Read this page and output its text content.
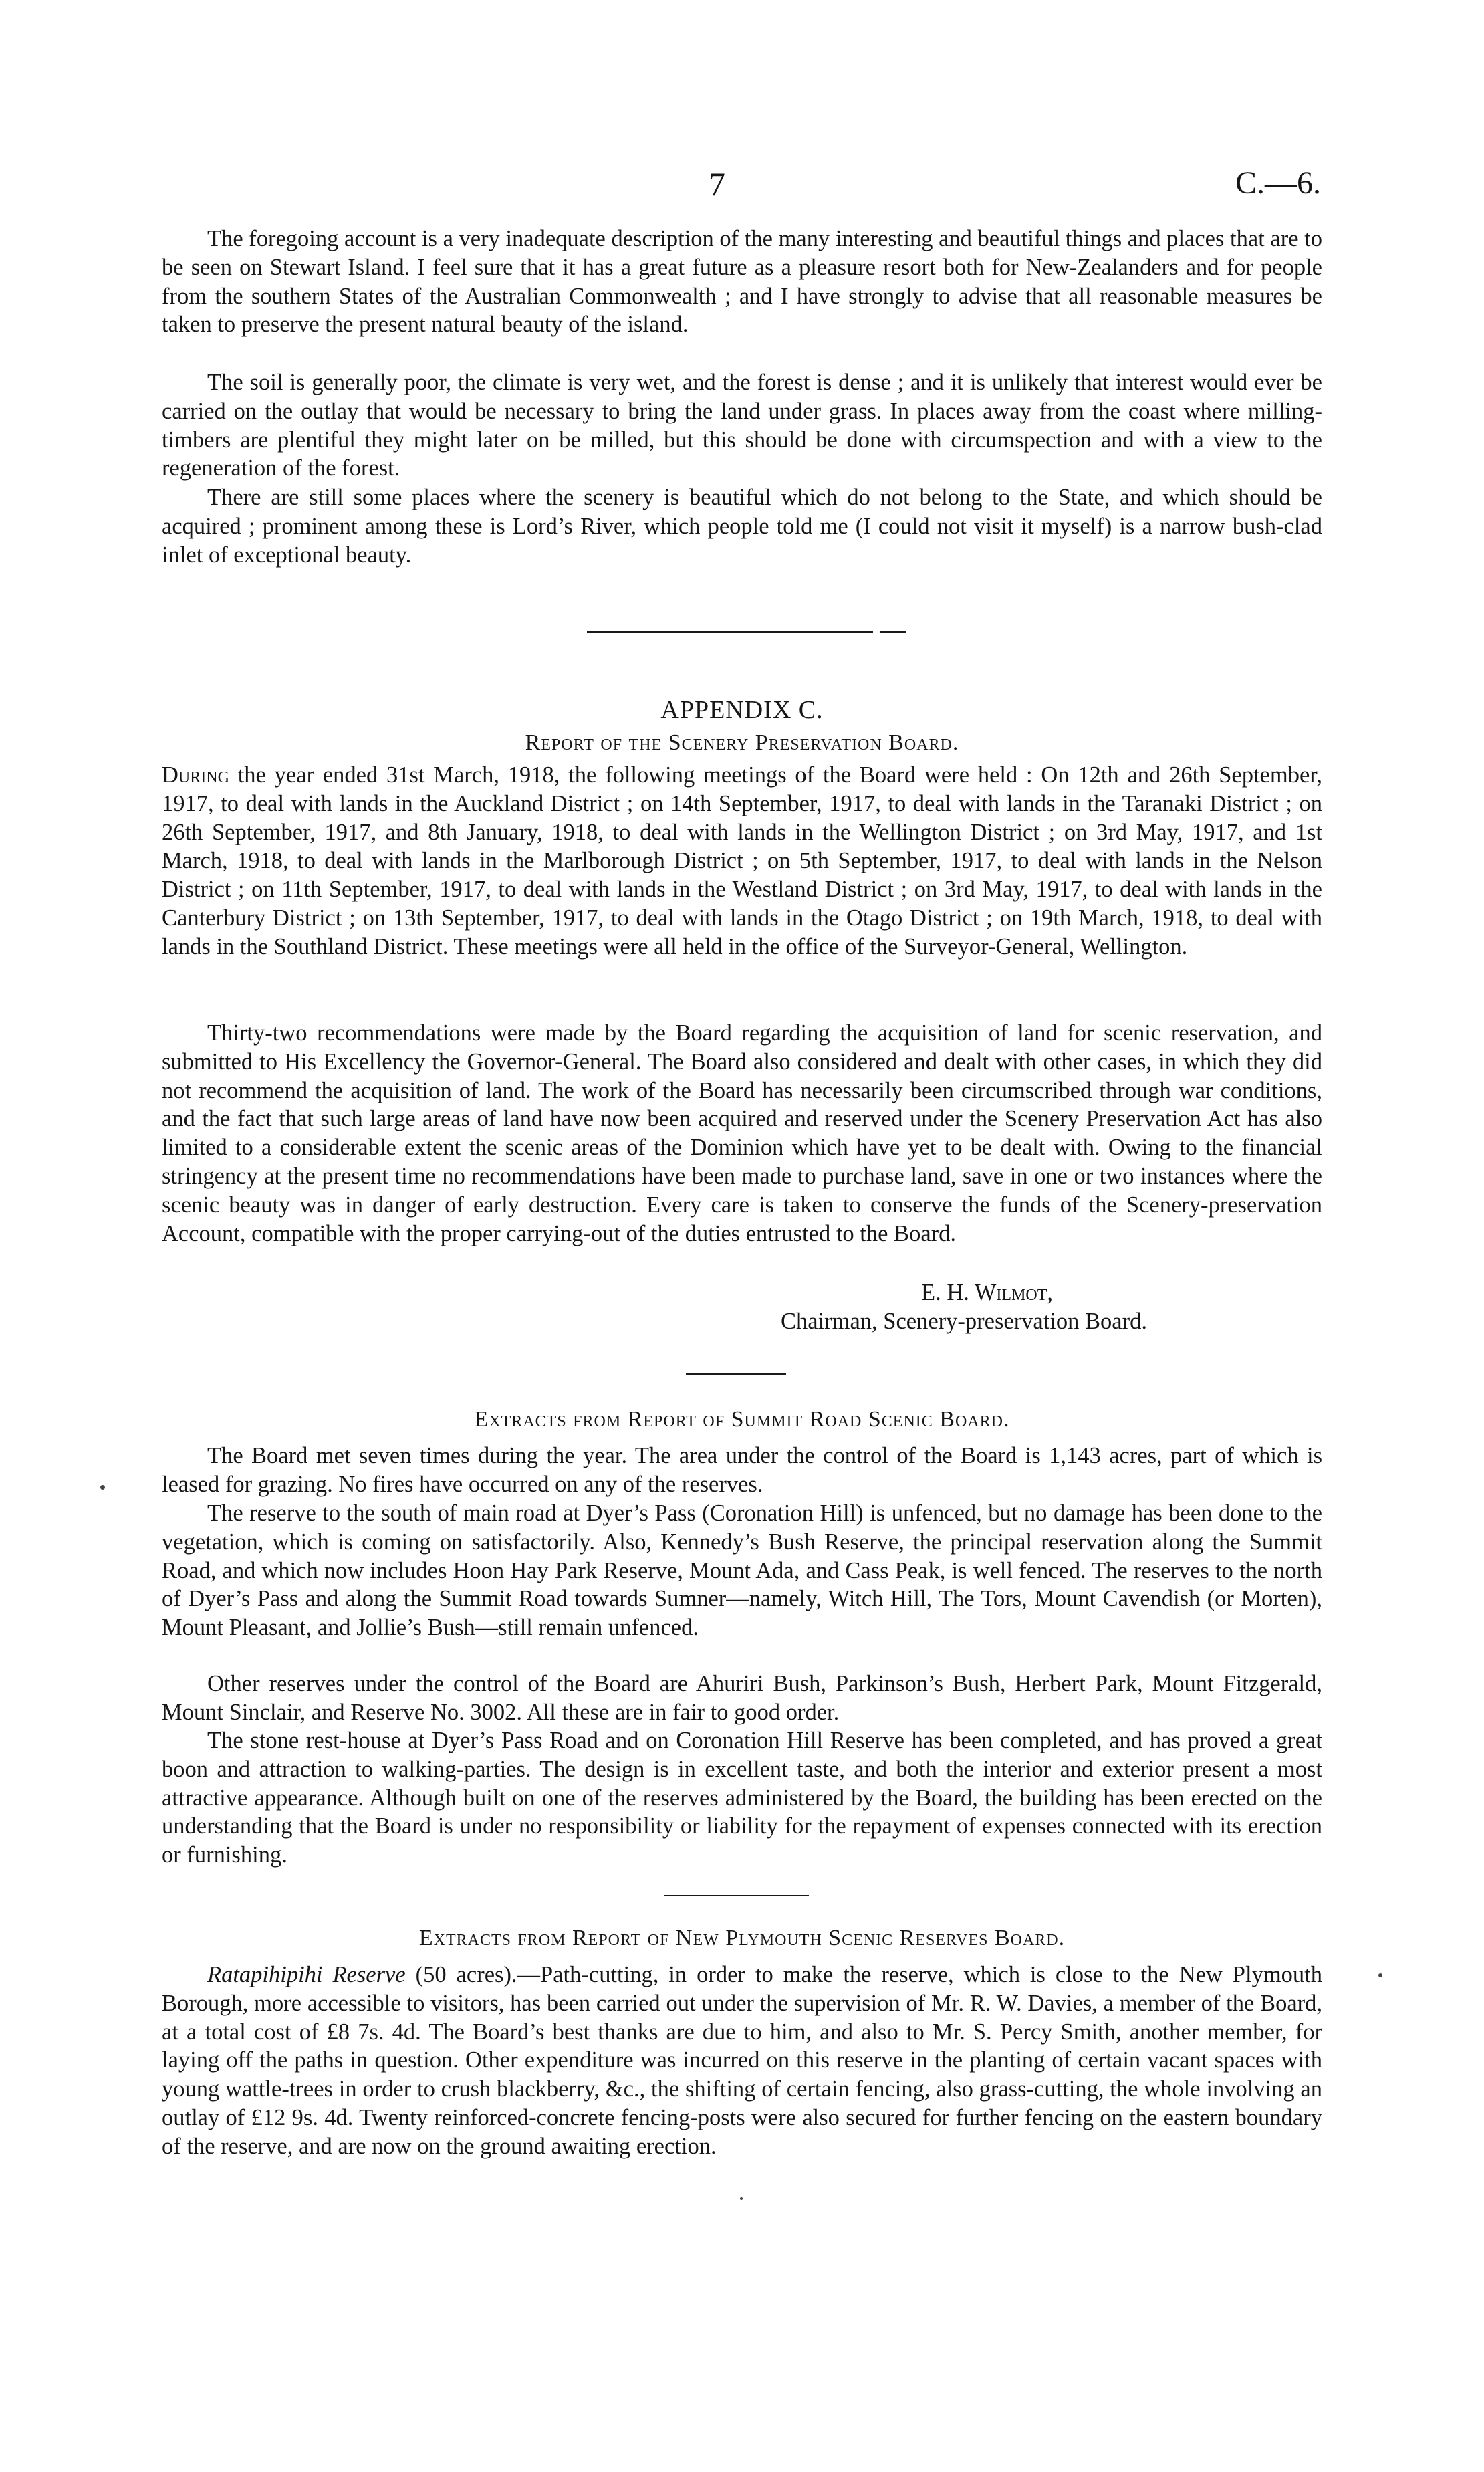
7	C.—6.

The foregoing account is a very inadequate description of the many interesting and beautiful things and places that are to be seen on Stewart Island. I feel sure that it has a great future as a pleasure resort both for New-Zealanders and for people from the southern States of the Australian Commonwealth ; and I have strongly to advise that all reasonable measures be taken to preserve the present natural beauty of the island.

The soil is generally poor, the climate is very wet, and the forest is dense ; and it is unlikely that interest would ever be carried on the outlay that would be necessary to bring the land under grass. In places away from the coast where milling-timbers are plentiful they might later on be milled, but this should be done with circumspection and with a view to the regeneration of the forest.

There are still some places where the scenery is beautiful which do not belong to the State, and which should be acquired ; prominent among these is Lord’s River, which people told me (I could not visit it myself) is a narrow bush-clad inlet of exceptional beauty.

APPENDIX C.
Report of the Scenery Preservation Board.

During the year ended 31st March, 1918, the following meetings of the Board were held : On 12th and 26th September, 1917, to deal with lands in the Auckland District ; on 14th September, 1917, to deal with lands in the Taranaki District ; on 26th September, 1917, and 8th January, 1918, to deal with lands in the Wellington District ; on 3rd May, 1917, and 1st March, 1918, to deal with lands in the Marlborough District ; on 5th September, 1917, to deal with lands in the Nelson District ; on 11th September, 1917, to deal with lands in the Westland District ; on 3rd May, 1917, to deal with lands in the Canterbury District ; on 13th September, 1917, to deal with lands in the Otago District ; on 19th March, 1918, to deal with lands in the Southland District. These meetings were all held in the office of the Surveyor-General, Wellington.

Thirty-two recommendations were made by the Board regarding the acquisition of land for scenic reservation, and submitted to His Excellency the Governor-General. The Board also considered and dealt with other cases, in which they did not recommend the acquisition of land. The work of the Board has necessarily been circumscribed through war conditions, and the fact that such large areas of land have now been acquired and reserved under the Scenery Preservation Act has also limited to a considerable extent the scenic areas of the Dominion which have yet to be dealt with. Owing to the financial stringency at the present time no recommendations have been made to purchase land, save in one or two instances where the scenic beauty was in danger of early destruction. Every care is taken to conserve the funds of the Scenery-preservation Account, compatible with the proper carrying-out of the duties entrusted to the Board.

E. H. Wilmot,
Chairman, Scenery-preservation Board.
Extracts from Report of Summit Road Scenic Board.

The Board met seven times during the year. The area under the control of the Board is 1,143 acres, part of which is leased for grazing. No fires have occurred on any of the reserves.

The reserve to the south of main road at Dyer’s Pass (Coronation Hill) is unfenced, but no damage has been done to the vegetation, which is coming on satisfactorily. Also, Kennedy’s Bush Reserve, the principal reservation along the Summit Road, and which now includes Hoon Hay Park Reserve, Mount Ada, and Cass Peak, is well fenced. The reserves to the north of Dyer’s Pass and along the Summit Road towards Sumner—namely, Witch Hill, The Tors, Mount Cavendish (or Morten), Mount Pleasant, and Jollie’s Bush—still remain unfenced.

Other reserves under the control of the Board are Ahuriri Bush, Parkinson’s Bush, Herbert Park, Mount Fitzgerald, Mount Sinclair, and Reserve No. 3002. All these are in fair to good order.

The stone rest-house at Dyer’s Pass Road and on Coronation Hill Reserve has been completed, and has proved a great boon and attraction to walking-parties. The design is in excellent taste, and both the interior and exterior present a most attractive appearance. Although built on one of the reserves administered by the Board, the building has been erected on the understanding that the Board is under no responsibility or liability for the repayment of expenses connected with its erection or furnishing.

Extracts from Report of New Plymouth Scenic Reserves Board.

Ratapihipihi Reserve (50 acres).—Path-cutting, in order to make the reserve, which is close to the New Plymouth Borough, more accessible to visitors, has been carried out under the supervision of Mr. R. W. Davies, a member of the Board, at a total cost of £8 7s. 4d. The Board’s best thanks are due to him, and also to Mr. S. Percy Smith, another member, for laying off the paths in question. Other expenditure was incurred on this reserve in the planting of certain vacant spaces with young wattle-trees in order to crush blackberry, &c., the shifting of certain fencing, also grass-cutting, the whole involving an outlay of £12 9s. 4d. Twenty reinforced-concrete fencing-posts were also secured for further fencing on the eastern boundary of the reserve, and are now on the ground awaiting erection.
